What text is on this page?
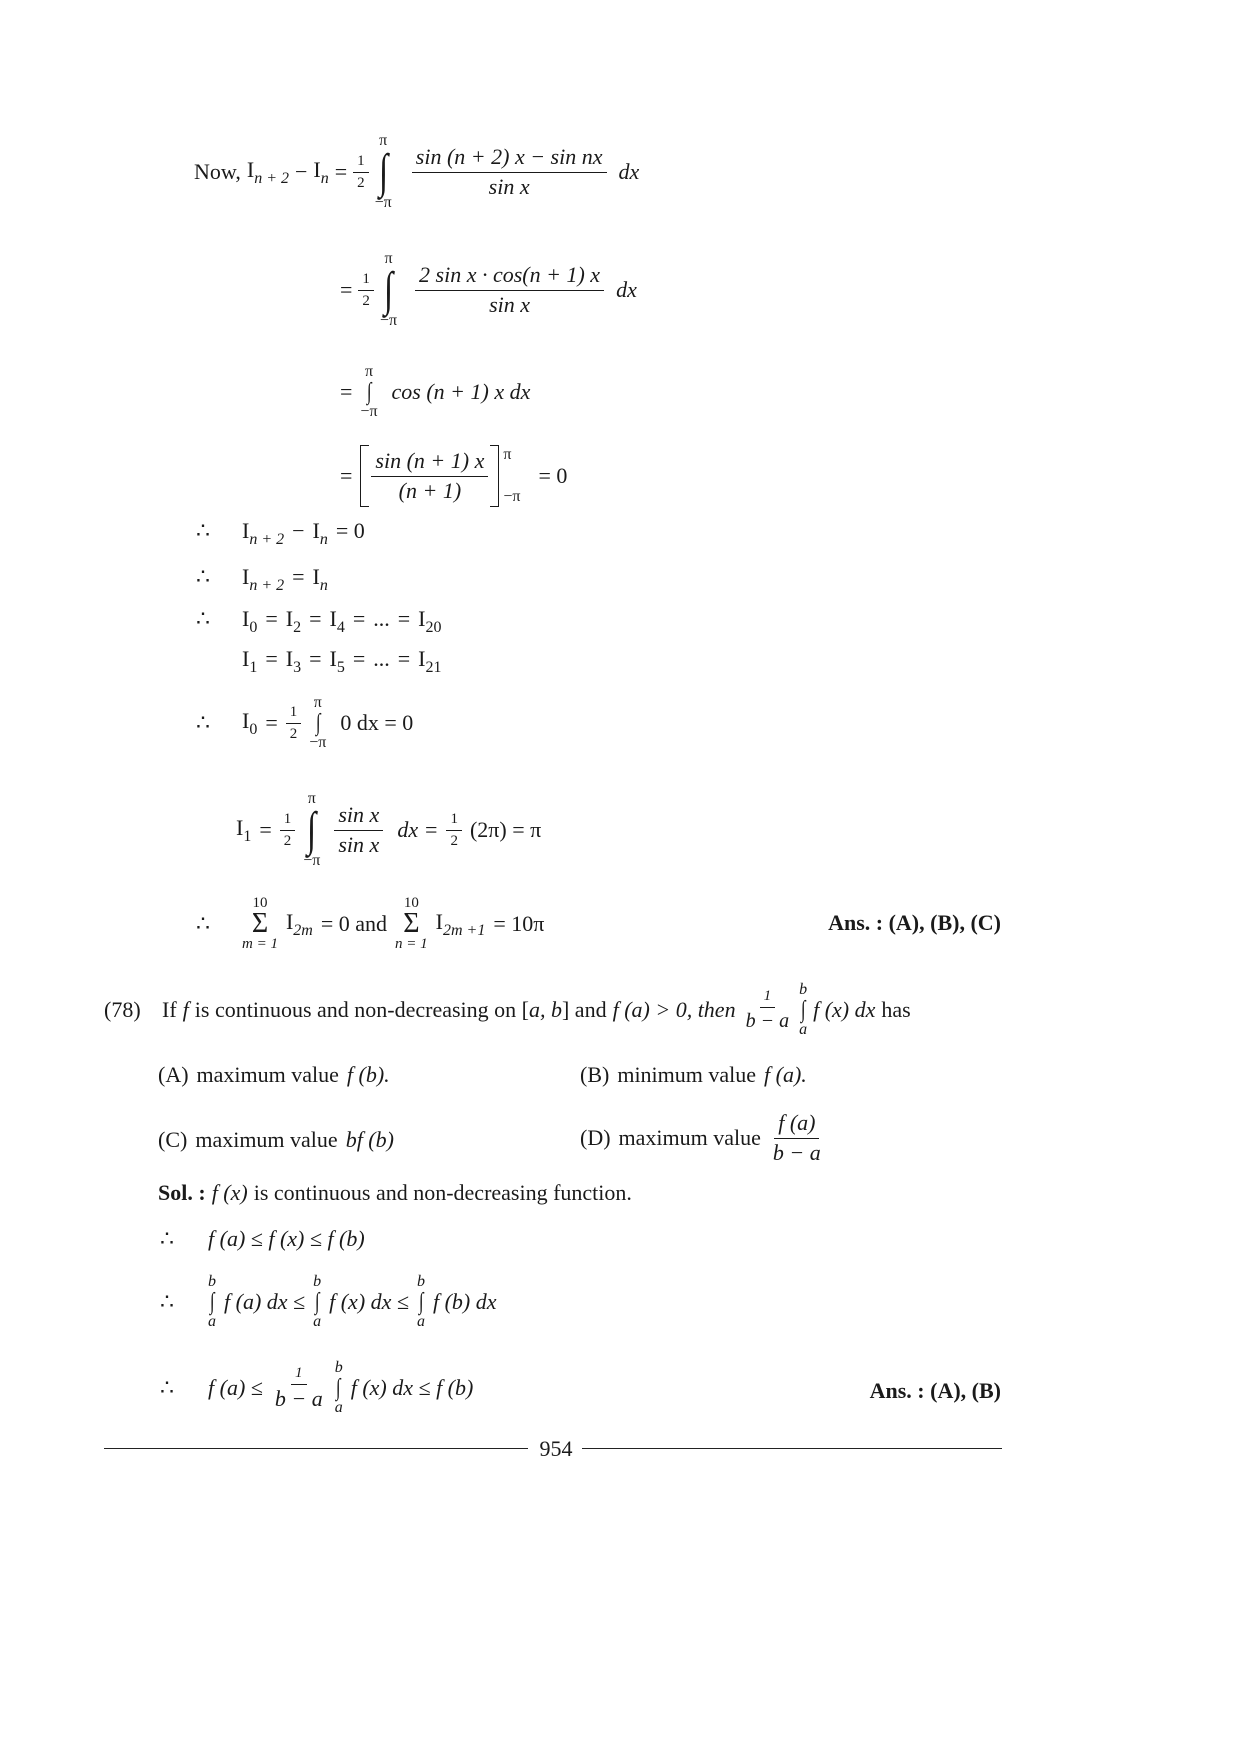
Now, $I_{n + 2} - I_n = \frac{1}{2}$
π
∫
−π
$\frac{\text{sin (n + 2) x − sin nx}}{\text{sin x}}$ dx
= $\frac{1}{2}$
π
∫
−π
$\frac{\text{2 sin x · cos(n + 1) x}}{\text{sin x}}$ dx
=
π
∫
−π
cos (n + 1) x dx
= $\frac{\sin (n + 1) x}{(n + 1)}$ π
−π
= 0
∴	$I_{n + 2} - I_n = 0$
∴	$I_{n + 2} = I_n$
∴	$I_0 = I_2 = I_4$ = ... = $I_{20}$
$I_1 = I_3 = I_5$ = ... = $I_{21}$
∴	$I_0 = \frac{1}{2}$
π
∫
−π
0 dx = 0
$I_1 = \frac{1}{2}$
π
∫
−π
$\frac{\text{sin x}}{\text{sin x}}$ dx = $\frac{1}{2} (2\pi) = \pi$
∴
10
Σ
m = 1
$I_{2m} = 0$ and
10
Σ
n = 1
$I_{2m +1} = 10\pi$	Ans. : (A), (B), (C)
(78) If f is continuous and non-decreasing on [ a, b ] and f (a) > 0, then $\frac{1}{b - a}$ b
∫
a
f (x) dx has
(A) maximum value f (b).	(B) minimum value f (a).
(C) maximum value bf (b)	(D) maximum value $\frac{f (a)}{b - a}$
Sol. : f (x) is continuous and non-decreasing function.
∴	f (a) ≤ f (x) ≤ f (b)
∴
b
∫
a
f (a) dx ≤
b
∫
a
f (x) dx ≤
b
∫
a
f (b) dx
∴	f $(a) \le \frac{1}{b - a}$ b
∫
a
f (x) dx ≤ f (b)	Ans. : (A), (B)
954
